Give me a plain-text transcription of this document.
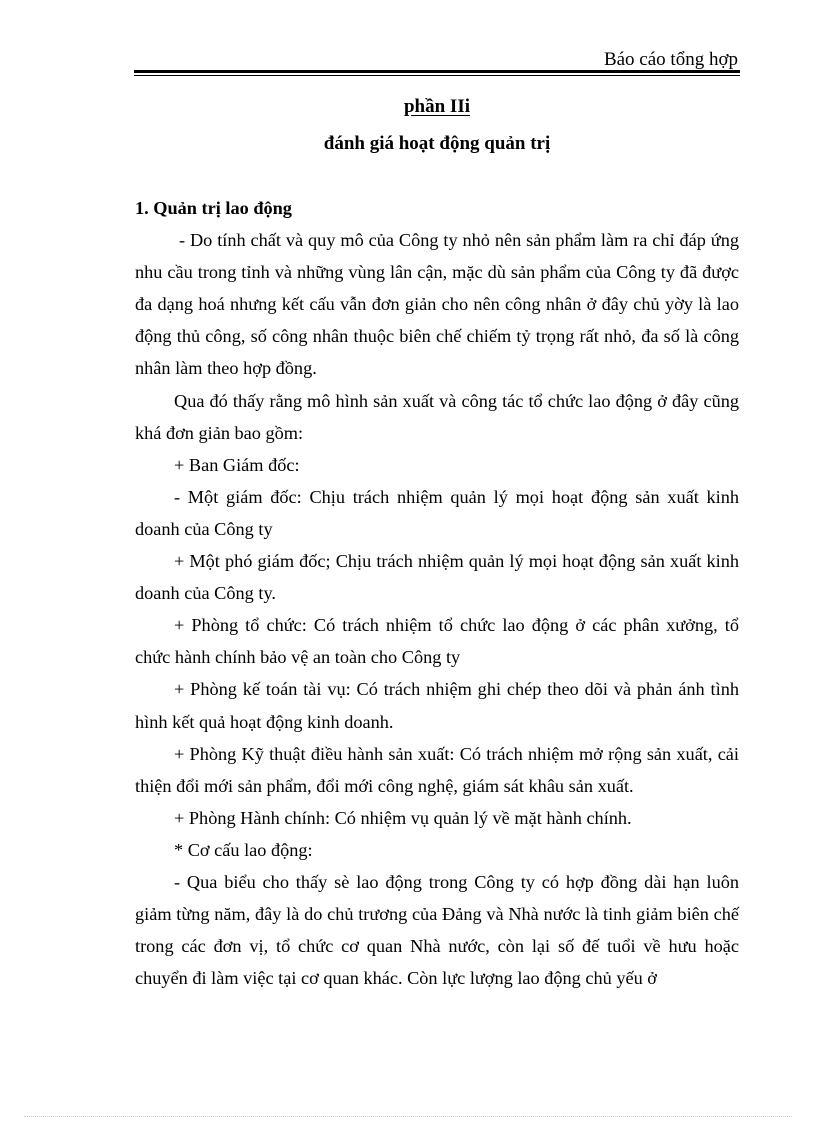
Báo cáo tổng hợp
phần IIi
đánh giá hoạt động quản trị

1. Quản trị lao động

- Do tính chất và quy mô của Công ty nhỏ nên sản phẩm làm ra chỉ đáp ứng nhu cầu trong tỉnh và những vùng lân cận, mặc dù sản phẩm của Công ty đã được đa dạng hoá nhưng kết cấu vẫn đơn giản cho nên công nhân ở đây chủ yờy là lao động thủ công, số công nhân thuộc biên chế chiếm tỷ trọng rất nhỏ, đa số là công nhân làm theo hợp đồng.

Qua đó thấy rằng mô hình sản xuất và công tác tổ chức lao động ở đây cũng khá đơn giản bao gồm:

+ Ban Giám đốc:

- Một giám đốc: Chịu trách nhiệm quản lý mọi hoạt động sản xuất kinh doanh của Công ty

+ Một phó giám đốc; Chịu trách nhiệm quản lý mọi hoạt động sản xuất kinh doanh của Công ty.

+ Phòng tổ chức: Có trách nhiệm tổ chức lao động ở các phân xưởng, tổ chức hành chính bảo vệ an toàn cho Công ty

+ Phòng kế toán tài vụ: Có trách nhiệm ghi chép theo dõi và phản ánh tình hình kết quả hoạt động kinh doanh.

+ Phòng Kỹ thuật điều hành sản xuất: Có trách nhiệm mở rộng sản xuất, cải thiện đổi mới sản phẩm, đổi mới công nghệ, giám sát khâu sản xuất.

+ Phòng Hành chính: Có nhiệm vụ quản lý về mặt hành chính.

* Cơ cấu lao động:

- Qua biểu cho thấy sè lao động trong Công ty có hợp đồng dài hạn luôn giảm từng năm, đây là do chủ trương của Đảng và Nhà nước là tinh giảm biên chế trong các đơn vị, tổ chức cơ quan Nhà nước, còn lại số đế tuổi về hưu hoặc chuyển đi làm việc tại cơ quan khác. Còn lực lượng lao động chủ yếu ở
